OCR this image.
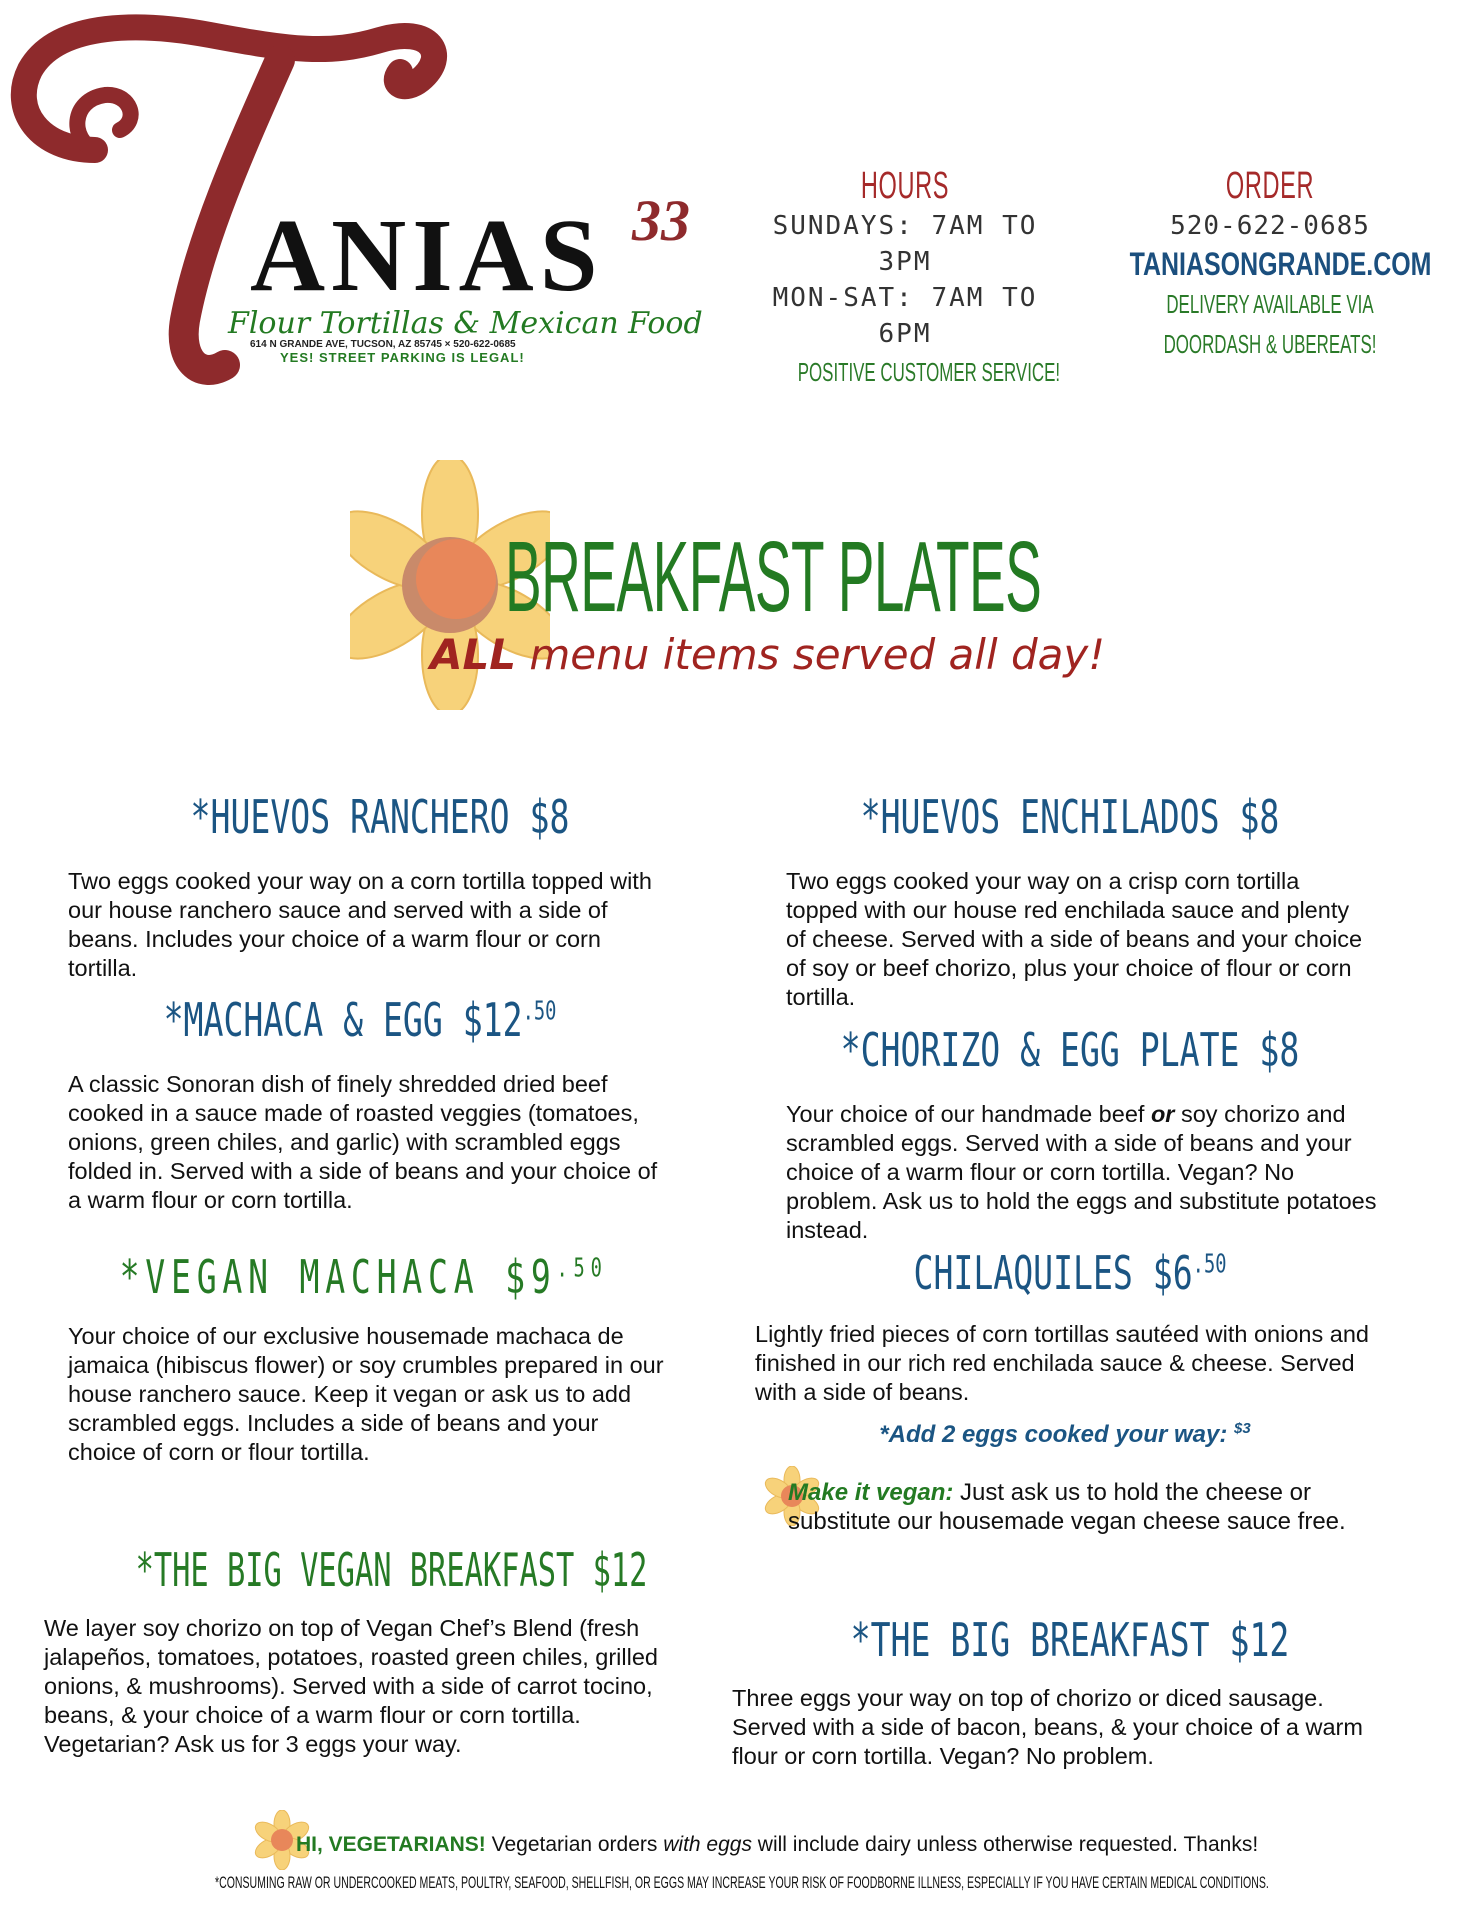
ANIAS 33
Flour Tortillas & Mexican Food
614 N GRANDE AVE, TUCSON, AZ 85745 × 520-622-0685
YES! STREET PARKING IS LEGAL!
HOURS
SUNDAYS: 7AM TO 3PM
MON-SAT: 7AM TO 6PM
POSITIVE CUSTOMER SERVICE!
ORDER
520-622-0685
TANIASONGRANDE.COM
DELIVERY AVAILABLE VIA
DOORDASH & UBEREATS!
BREAKFAST PLATES
ALL menu items served all day!
*HUEVOS RANCHERO $8
Two eggs cooked your way on a corn tortilla topped with our house ranchero sauce and served with a side of beans. Includes your choice of a warm flour or corn tortilla.
*MACHACA & EGG $\$12^{.50}$
A classic Sonoran dish of finely shredded dried beef cooked in a sauce made of roasted veggies (tomatoes, onions, green chiles, and garlic) with scrambled eggs folded in. Served with a side of beans and your choice of a warm flour or corn tortilla.
*VEGAN MACHACA $\$9^{.50}$
Your choice of our exclusive housemade machaca de jamaica (hibiscus flower) or soy crumbles prepared in our house ranchero sauce. Keep it vegan or ask us to add scrambled eggs. Includes a side of beans and your choice of corn or flour tortilla.
*THE BIG VEGAN BREAKFAST $12
We layer soy chorizo on top of Vegan Chef’s Blend (fresh jalapeños, tomatoes, potatoes, roasted green chiles, grilled onions, & mushrooms). Served with a side of carrot tocino, beans, & your choice of a warm flour or corn tortilla. Vegetarian? Ask us for 3 eggs your way.
*HUEVOS ENCHILADOS $8
Two eggs cooked your way on a crisp corn tortilla topped with our house red enchilada sauce and plenty of cheese. Served with a side of beans and your choice of soy or beef chorizo, plus your choice of flour or corn tortilla.
*CHORIZO & EGG PLATE $8
Your choice of our handmade beef or soy chorizo and scrambled eggs. Served with a side of beans and your choice of a warm flour or corn tortilla. Vegan? No problem. Ask us to hold the eggs and substitute potatoes instead.
CHILAQUILES $\$6^{.50}$
Lightly fried pieces of corn tortillas sautéed with onions and finished in our rich red enchilada sauce & cheese. Served with a side of beans.
*Add 2 eggs cooked your way: $^{\$3}$
Make it vegan: Just ask us to hold the cheese or substitute our housemade vegan cheese sauce free.
*THE BIG BREAKFAST $12
Three eggs your way on top of chorizo or diced sausage. Served with a side of bacon, beans, & your choice of a warm flour or corn tortilla. Vegan? No problem.
HI, VEGETARIANS! Vegetarian orders with eggs will include dairy unless otherwise requested. Thanks!
*CONSUMING RAW OR UNDERCOOKED MEATS, POULTRY, SEAFOOD, SHELLFISH, OR EGGS MAY INCREASE YOUR RISK OF FOODBORNE ILLNESS, ESPECIALLY IF YOU HAVE CERTAIN MEDICAL CONDITIONS.
